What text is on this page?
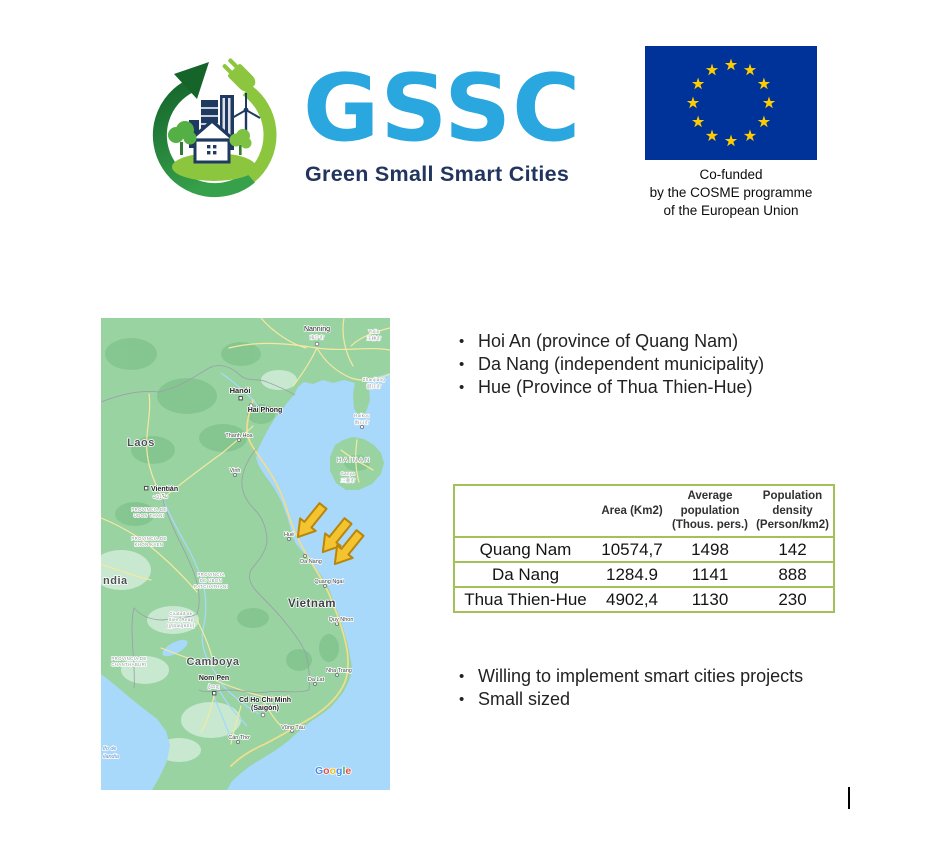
GSSC
Green Small Smart Cities	Co-funded
by the COSME programme
of the European Union
Nanning
南宁市
Yulin
玉林市
Zhanjiang
湛江市
Haikou
海口市
HAINAN
Sanya
三亜市
Hanói
Hai Phong
Thanh Hoa
Vinh
Laos
Vientián
ວຽງຈັນ
PROVINCIA DE
UDON THANI
PROVINCIA DE
KHON KAEN
PROVINCIA
DE UBON
RATCHATHANI
PROVINCIA DE
CHANTHABURI
Hué
Da Nang
Quang Ngai
Vietnam
Quy Nhon
Nha Trang
Da Lat
Ciudad de
Siem Reap
[ក្រុងសៀមរាប]
Camboya
Nom Pen
ភ្នំពេញ
Cd Ho Chi Minh
(Saigón)
Cần Thơ
Vũng Tàu
ndia
lfo de
ilandia
Google
• Hoi An (province of Quang Nam)
• Da Nang (independent municipality)
• Hue (Province of Thua Thien-Hue)
	Area (Km2)	Average population (Thous. pers.)	Population density (Person/km2)
Quang Nam	10574,7	1498	142
Da Nang	1284.9	1141	888
Thua Thien-Hue	4902,4	1130	230
• Willing to implement smart cities projects
• Small sized
